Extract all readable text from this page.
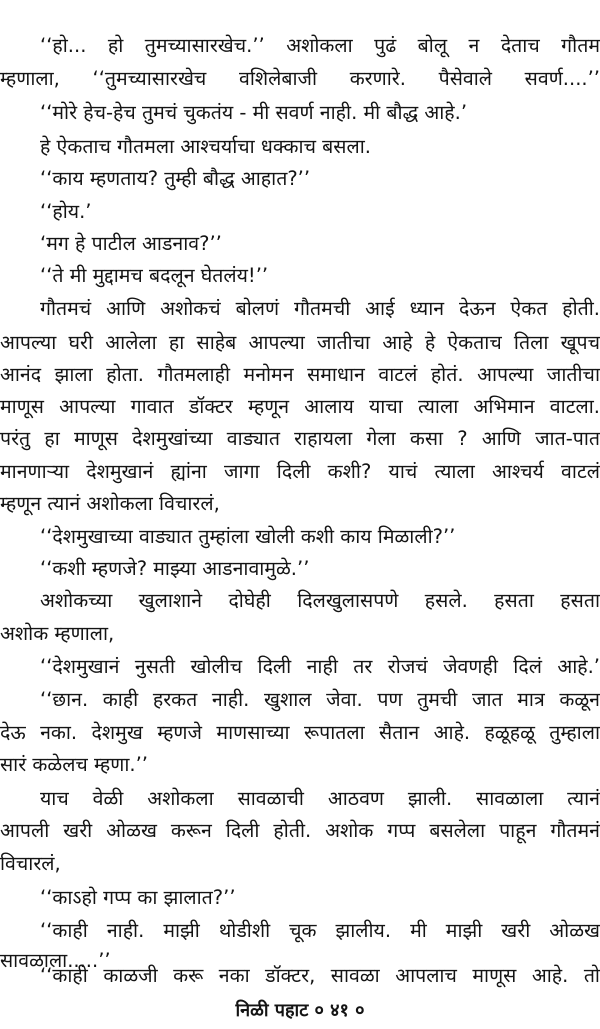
‘‘हो... हो तुमच्यासारखेच.’’ अशोकला पुढं बोलू न देताच गौतम
म्हणाला, ‘‘तुमच्यासारखेच वशिलेबाजी करणारे. पैसेवाले सवर्ण....’’
‘‘मोरे हेच-हेच तुमचं चुकतंय - मी सवर्ण नाही. मी बौद्ध आहे.’
हे ऐकताच गौतमला आश्चर्याचा धक्काच बसला.
‘‘काय म्हणताय? तुम्ही बौद्ध आहात?’’
‘‘होय.’
‘मग हे पाटील आडनाव?’’
‘‘ते मी मुद्दामच बदलून घेतलंय!’’
गौतमचं आणि अशोकचं बोलणं गौतमची आई ध्यान देऊन ऐकत होती.
आपल्या घरी आलेला हा साहेब आपल्या जातीचा आहे हे ऐकताच तिला खूपच
आनंद झाला होता. गौतमलाही मनोमन समाधान वाटलं होतं. आपल्या जातीचा
माणूस आपल्या गावात डॉक्टर म्हणून आलाय याचा त्याला अभिमान वाटला.
परंतु हा माणूस देशमुखांच्या वाड्यात राहायला गेला कसा ? आणि जात-पात
मानणाऱ्या देशमुखानं ह्यांना जागा दिली कशी? याचं त्याला आश्चर्य वाटलं
म्हणून त्यानं अशोकला विचारलं,
‘‘देशमुखाच्या वाड्यात तुम्हांला खोली कशी काय मिळाली?’’
‘‘कशी म्हणजे? माझ्या आडनावामुळे.’’
अशोकच्या खुलाशाने दोघेही दिलखुलासपणे हसले. हसता हसता
अशोक म्हणाला,
‘‘देशमुखानं नुसती खोलीच दिली नाही तर रोजचं जेवणही दिलं आहे.’
‘‘छान. काही हरकत नाही. खुशाल जेवा. पण तुमची जात मात्र कळून
देऊ नका. देशमुख म्हणजे माणसाच्या रूपातला सैतान आहे. हळूहळू तुम्हाला
सारं कळेलच म्हणा.’’
याच वेळी अशोकला सावळाची आठवण झाली. सावळाला त्यानं
आपली खरी ओळख करून दिली होती. अशोक गप्प बसलेला पाहून गौतमनं
विचारलं,
‘‘काऽहो गप्प का झालात?’’
‘‘काही नाही. माझी थोडीशी चूक झालीय. मी माझी खरी ओळख
सावळाला.....’’
‘‘काही काळजी करू नका डॉक्टर, सावळा आपलाच माणूस आहे. तो
निळी पहाट ० ४१ ०
